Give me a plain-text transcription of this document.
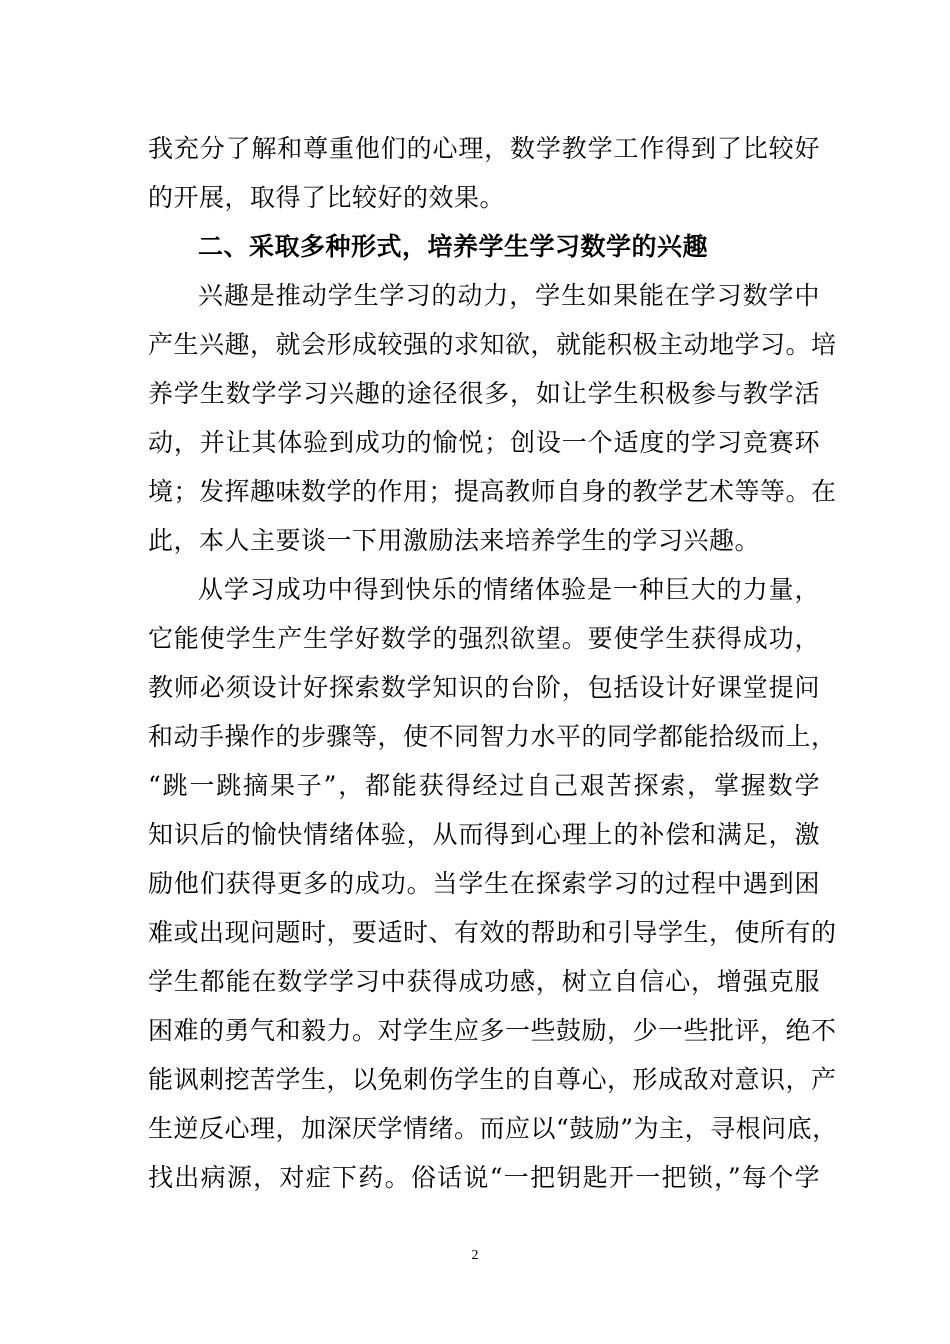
我充分了解和尊重他们的心理，数学教学工作得到了比较好
的开展，取得了比较好的效果。
二、采取多种形式，培养学生学习数学的兴趣
兴趣是推动学生学习的动力，学生如果能在学习数学中
产生兴趣，就会形成较强的求知欲，就能积极主动地学习。培
养学生数学学习兴趣的途径很多，如让学生积极参与教学活
动，并让其体验到成功的愉悦；创设一个适度的学习竞赛环
境；发挥趣味数学的作用；提高教师自身的教学艺术等等。在
此，本人主要谈一下用激励法来培养学生的学习兴趣。
从学习成功中得到快乐的情绪体验是一种巨大的力量，
它能使学生产生学好数学的强烈欲望。要使学生获得成功，
教师必须设计好探索数学知识的台阶，包括设计好课堂提问
和动手操作的步骤等，使不同智力水平的同学都能拾级而上，
“跳一跳摘果子”，都能获得经过自己艰苦探索，掌握数学
知识后的愉快情绪体验，从而得到心理上的补偿和满足，激
励他们获得更多的成功。当学生在探索学习的过程中遇到困
难或出现问题时，要适时、有效的帮助和引导学生，使所有的
学生都能在数学学习中获得成功感，树立自信心，增强克服
困难的勇气和毅力。对学生应多一些鼓励，少一些批评，绝不
能讽刺挖苦学生，以免刺伤学生的自尊心，形成敌对意识，产
生逆反心理，加深厌学情绪。而应以“鼓励”为主，寻根问底，
找出病源，对症下药。俗话说“一把钥匙开一把锁，”每个学
2
